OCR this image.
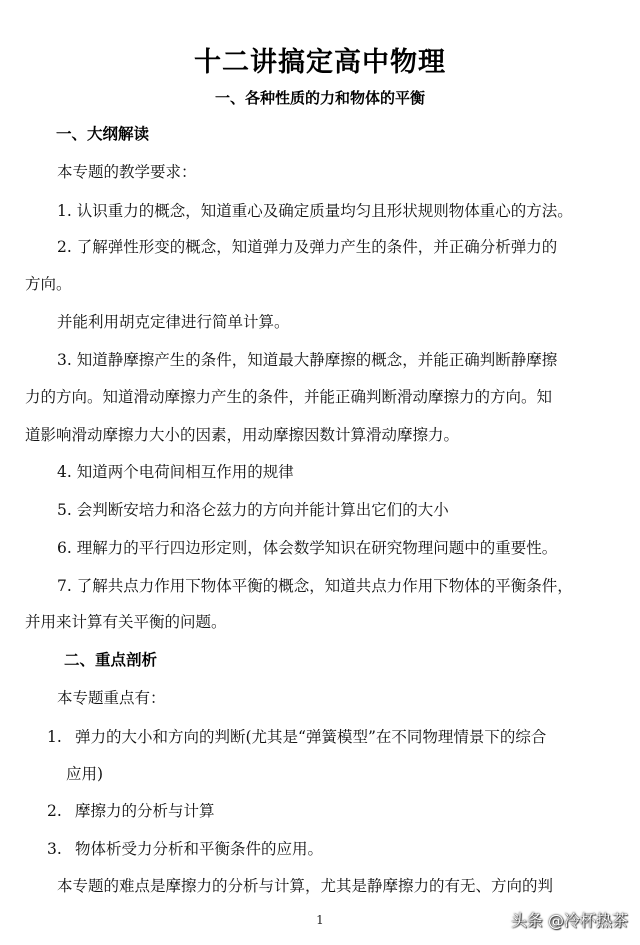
十二讲搞定高中物理
一、各种性质的力和物体的平衡
一、大纲解读
本专题的教学要求：
1. 认识重力的概念，知道重心及确定质量均匀且形状规则物体重心的方法。
2. 了解弹性形变的概念，知道弹力及弹力产生的条件，并正确分析弹力的
方向。
并能利用胡克定律进行简单计算。
3. 知道静摩擦产生的条件，知道最大静摩擦的概念，并能正确判断静摩擦
力的方向。知道滑动摩擦力产生的条件，并能正确判断滑动摩擦力的方向。知
道影响滑动摩擦力大小的因素，用动摩擦因数计算滑动摩擦力。
4. 知道两个电荷间相互作用的规律
5. 会判断安培力和洛仑兹力的方向并能计算出它们的大小
6. 理解力的平行四边形定则，体会数学知识在研究物理问题中的重要性。
7. 了解共点力作用下物体平衡的概念，知道共点力作用下物体的平衡条件，
并用来计算有关平衡的问题。
二、重点剖析
本专题重点有：
1. 弹力的大小和方向的判断(尤其是“弹簧模型”在不同物理情景下的综合
应用)
2. 摩擦力的分析与计算
3. 物体析受力分析和平衡条件的应用。
本专题的难点是摩擦力的分析与计算，尤其是静摩擦力的有无、方向的判
1	头条 @冷杯热茶
